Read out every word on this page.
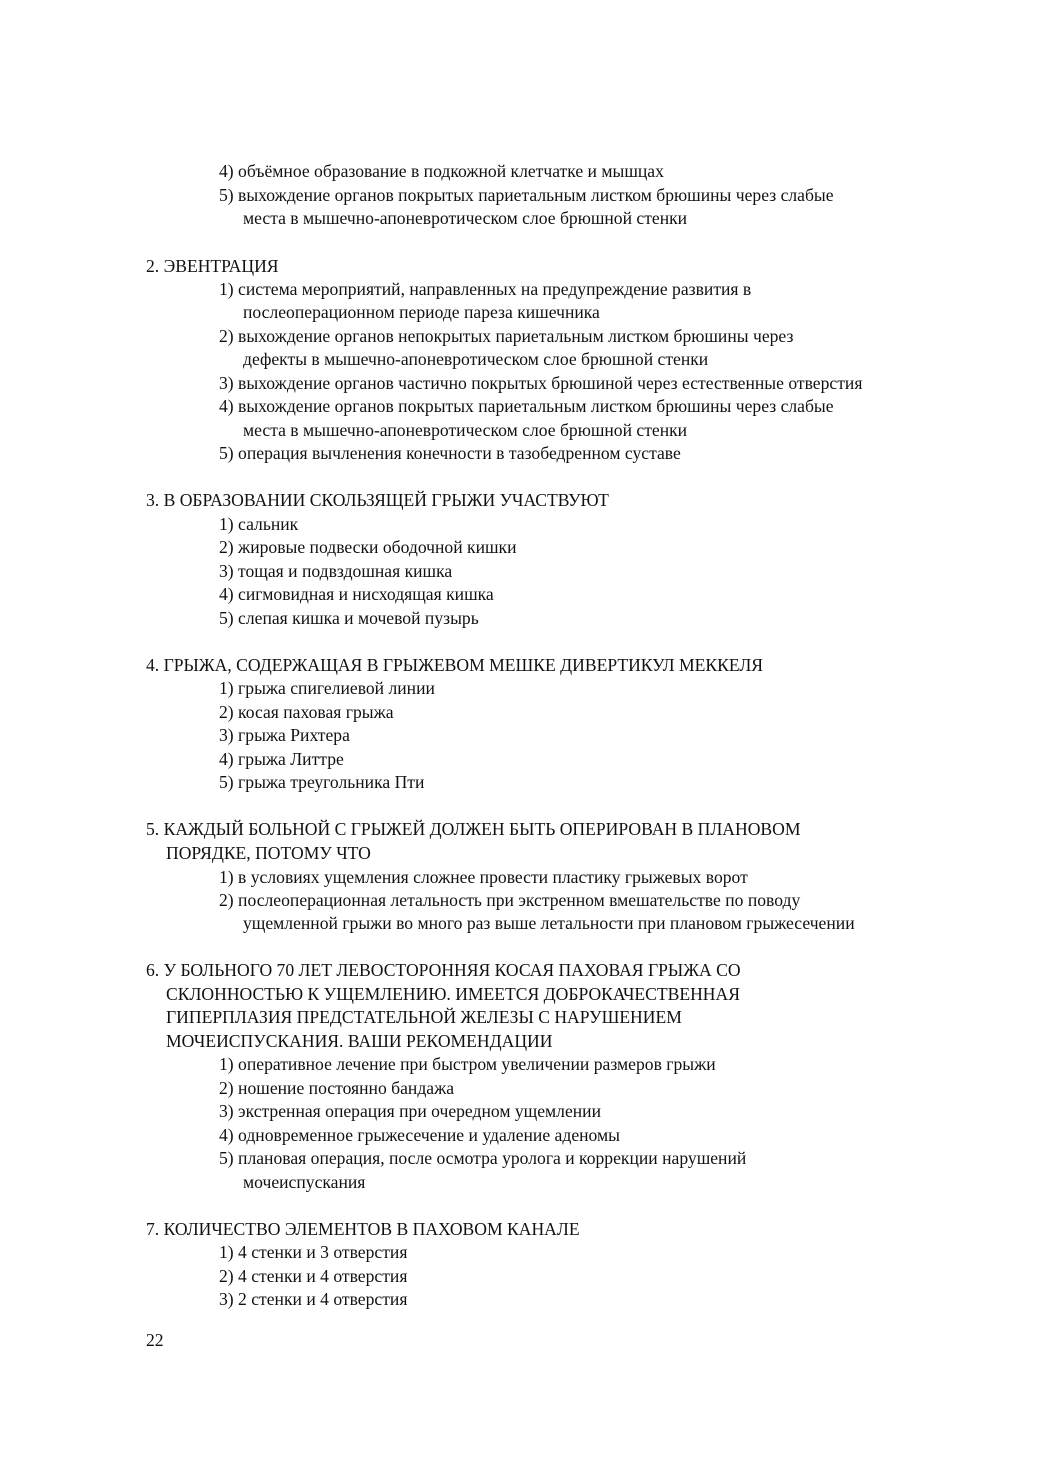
4) объёмное образование в подкожной клетчатке и мышцах

5) выхождение органов покрытых париетальным листком брюшины через слабые

места в мышечно-апоневротическом слое брюшной стенки

2. ЭВЕНТРАЦИЯ

1) система мероприятий, направленных на предупреждение развития в

послеоперационном периоде пареза кишечника

2) выхождение органов непокрытых париетальным листком брюшины через

дефекты в мышечно-апоневротическом слое брюшной стенки

3) выхождение органов частично покрытых брюшиной через естественные отверстия

4) выхождение органов покрытых париетальным листком брюшины через слабые

места в мышечно-апоневротическом слое брюшной стенки

5) операция вычленения конечности в тазобедренном суставе

3. В ОБРАЗОВАНИИ СКОЛЬЗЯЩЕЙ ГРЫЖИ УЧАСТВУЮТ

1) сальник

2) жировые подвески ободочной кишки

3) тощая и подвздошная кишка

4) сигмовидная и нисходящая кишка

5) слепая кишка и мочевой пузырь

4. ГРЫЖА, СОДЕРЖАЩАЯ В ГРЫЖЕВОМ МЕШКЕ ДИВЕРТИКУЛ МЕККЕЛЯ

1) грыжа спигелиевой линии

2) косая паховая грыжа

3) грыжа Рихтера

4) грыжа Литтре

5) грыжа треугольника Пти

5. КАЖДЫЙ БОЛЬНОЙ С ГРЫЖЕЙ ДОЛЖЕН БЫТЬ ОПЕРИРОВАН В ПЛАНОВОМ

ПОРЯДКЕ, ПОТОМУ ЧТО

1) в условиях ущемления сложнее провести пластику грыжевых ворот

2) послеоперационная летальность при экстренном вмешательстве по поводу

ущемленной грыжи во много раз выше летальности при плановом грыжесечении

6. У БОЛЬНОГО 70 ЛЕТ ЛЕВОСТОРОННЯЯ КОСАЯ ПАХОВАЯ ГРЫЖА СО

СКЛОННОСТЬЮ К УЩЕМЛЕНИЮ. ИМЕЕТСЯ ДОБРОКАЧЕСТВЕННАЯ

ГИПЕРПЛАЗИЯ ПРЕДСТАТЕЛЬНОЙ ЖЕЛЕЗЫ С НАРУШЕНИЕМ

МОЧЕИСПУСКАНИЯ. ВАШИ РЕКОМЕНДАЦИИ

1) оперативное лечение при быстром увеличении размеров грыжи

2) ношение постоянно бандажа

3) экстренная операция при очередном ущемлении

4) одновременное грыжесечение и удаление аденомы

5) плановая операция, после осмотра уролога и коррекции нарушений

мочеиспускания

7. КОЛИЧЕСТВО ЭЛЕМЕНТОВ В ПАХОВОМ КАНАЛЕ

1) 4 стенки и 3 отверстия

2) 4 стенки и 4 отверстия

3) 2 стенки и 4 отверстия

22
